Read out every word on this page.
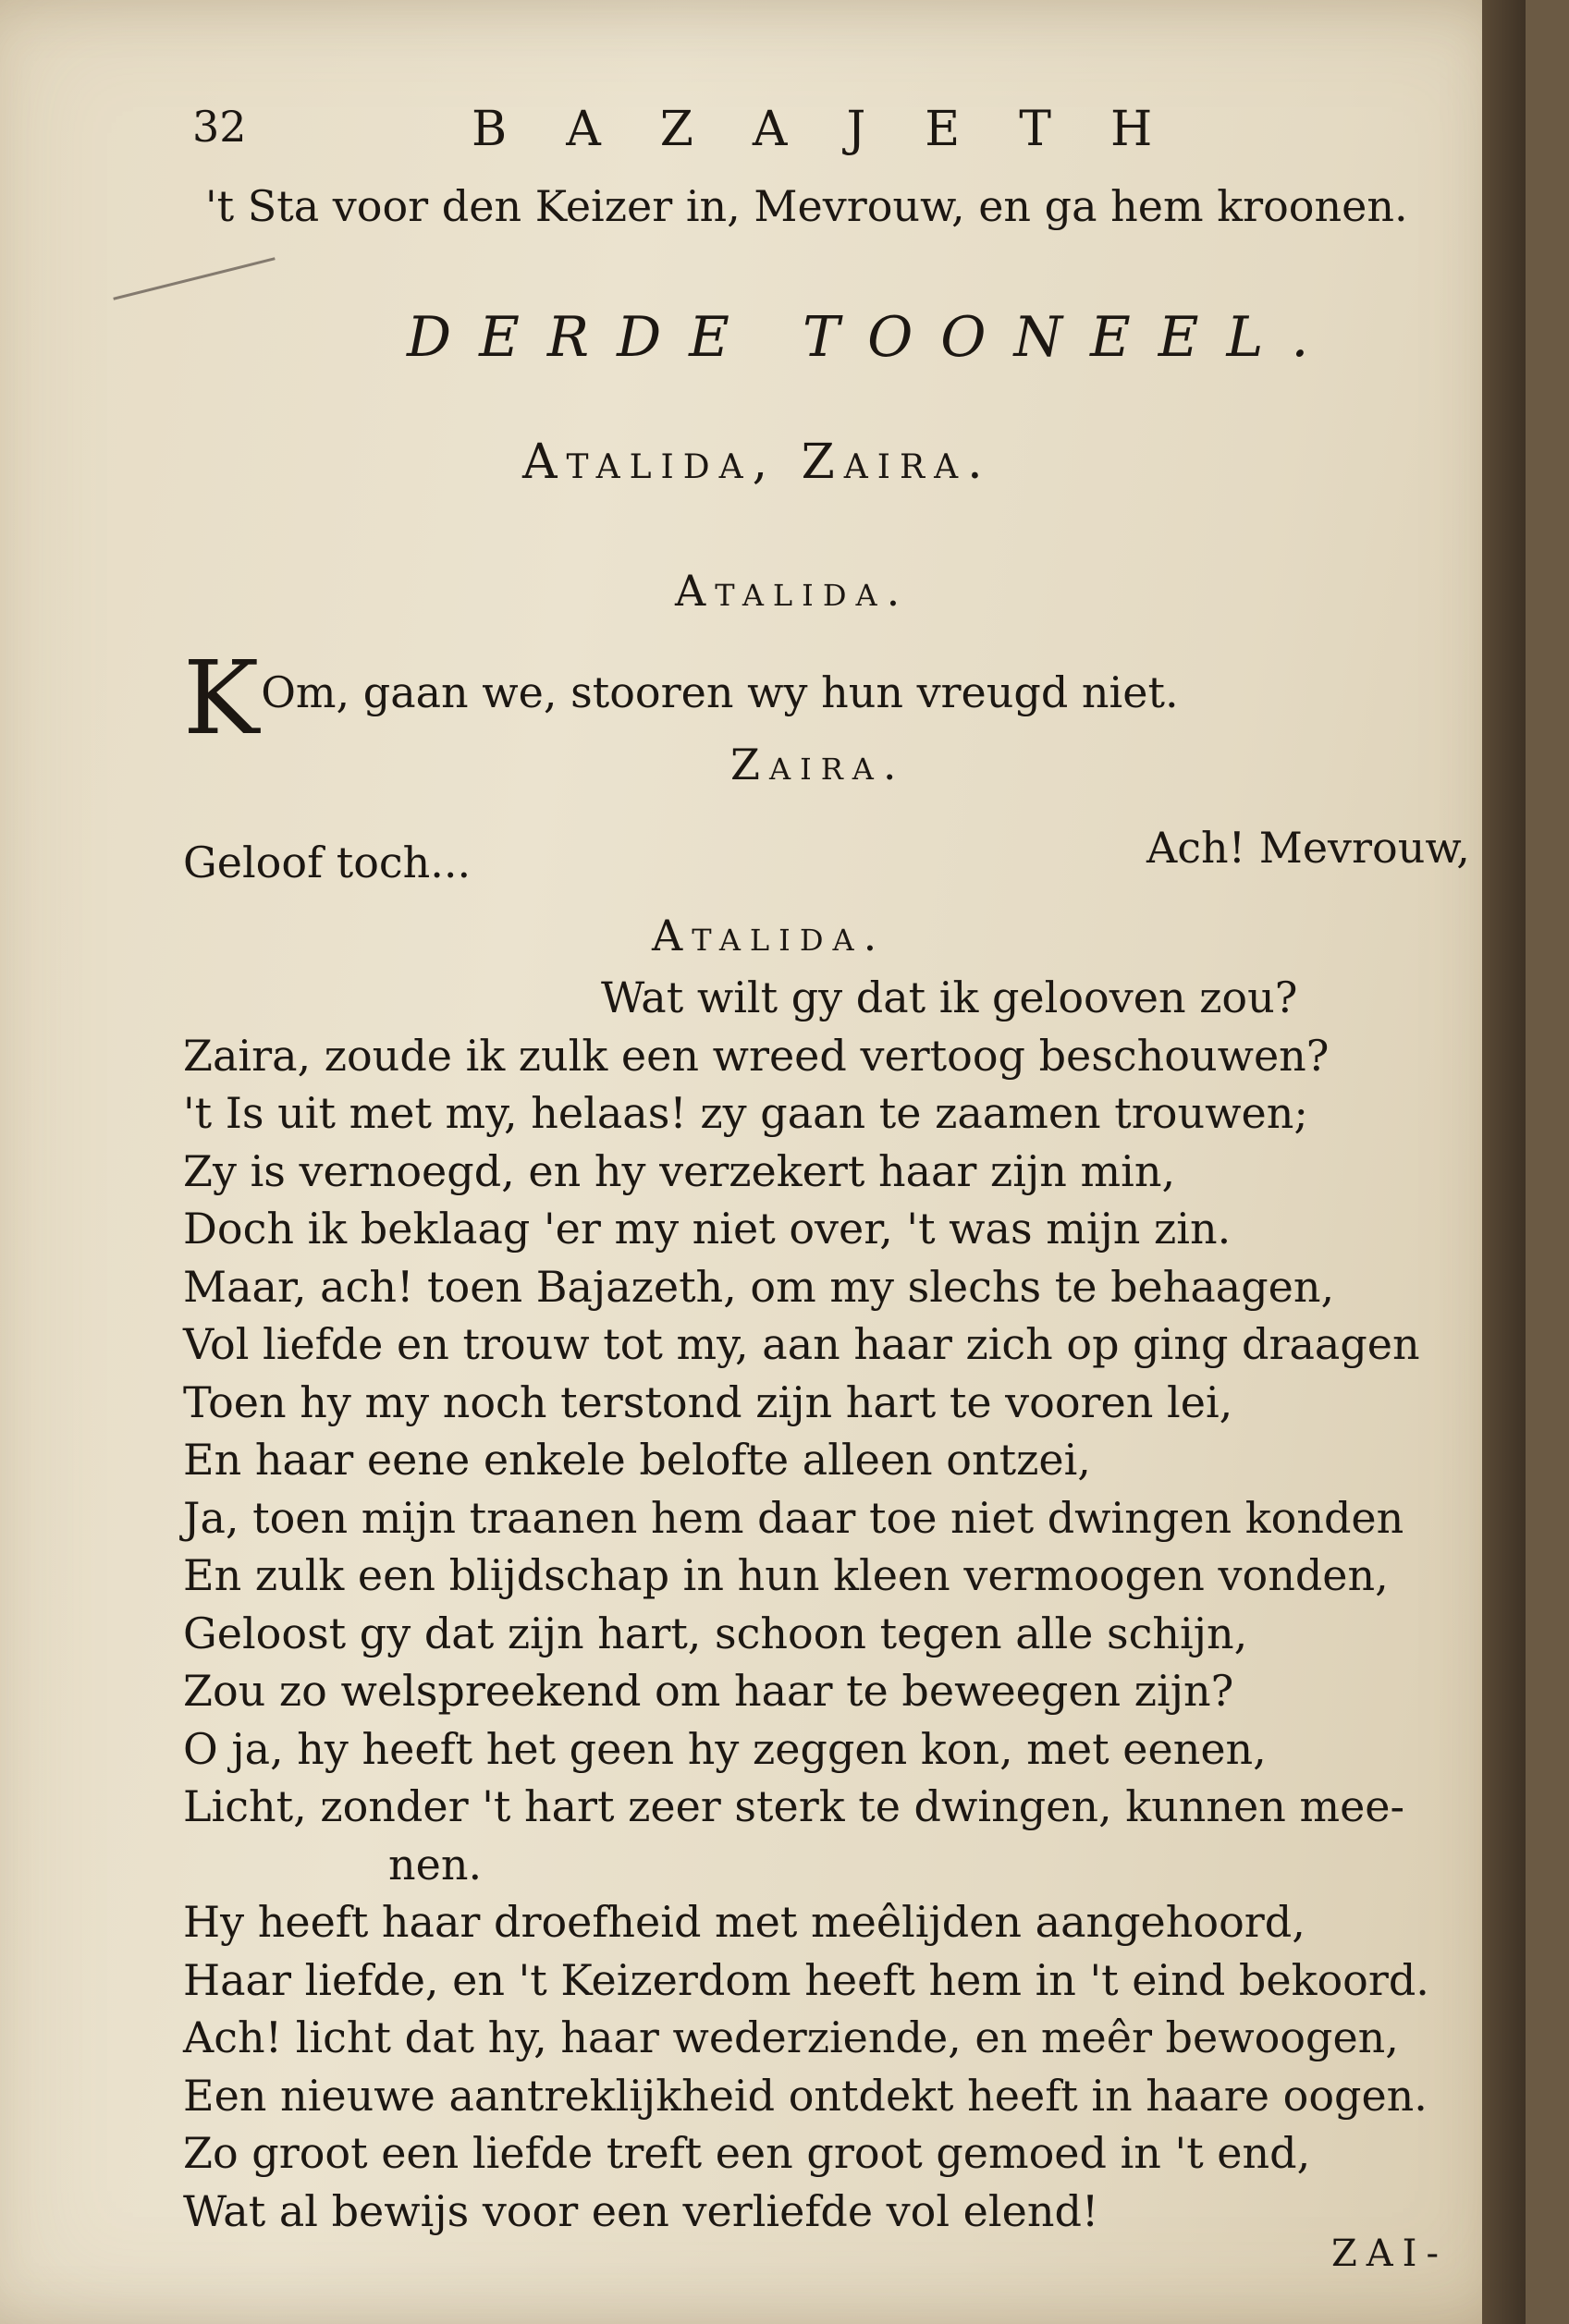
32	BAZAJETH
't Sta voor den Keizer in, Mevrouw, en ga hem kroonen.
DERDE TOONEEL.
Atalida, Zaira.
Atalida.
KOm, gaan we, stooren wy hun vreugd niet.
Zaira.
Ach! Mevrouw,
Geloof toch...
Atalida.
Wat wilt gy dat ik gelooven zou?
Zaira, zoude ik zulk een wreed vertoog beschouwen?
't Is uit met my, helaas! zy gaan te zaamen trouwen;
Zy is vernoegd, en hy verzekert haar zijn min,
Doch ik beklaag 'er my niet over, 't was mijn zin.
Maar, ach! toen Bajazeth, om my slechs te behaagen,
Vol liefde en trouw tot my, aan haar zich op ging draagen
Toen hy my noch terstond zijn hart te vooren lei,
En haar eene enkele belofte alleen ontzei,
Ja, toen mijn traanen hem daar toe niet dwingen konden
En zulk een blijdschap in hun kleen vermoogen vonden,
Geloost gy dat zijn hart, schoon tegen alle schijn,
Zou zo welspreekend om haar te beweegen zijn?
O ja, hy heeft het geen hy zeggen kon, met eenen,
Licht, zonder 't hart zeer sterk te dwingen, kunnen mee-
nen.
Hy heeft haar droefheid met meêlijden aangehoord,
Haar liefde, en 't Keizerdom heeft hem in 't eind bekoord.
Ach! licht dat hy, haar wederziende, en meêr bewoogen,
Een nieuwe aantreklijkheid ontdekt heeft in haare oogen.
Zo groot een liefde treft een groot gemoed in 't end,
Wat al bewijs voor een verliefde vol elend!
ZAI-
